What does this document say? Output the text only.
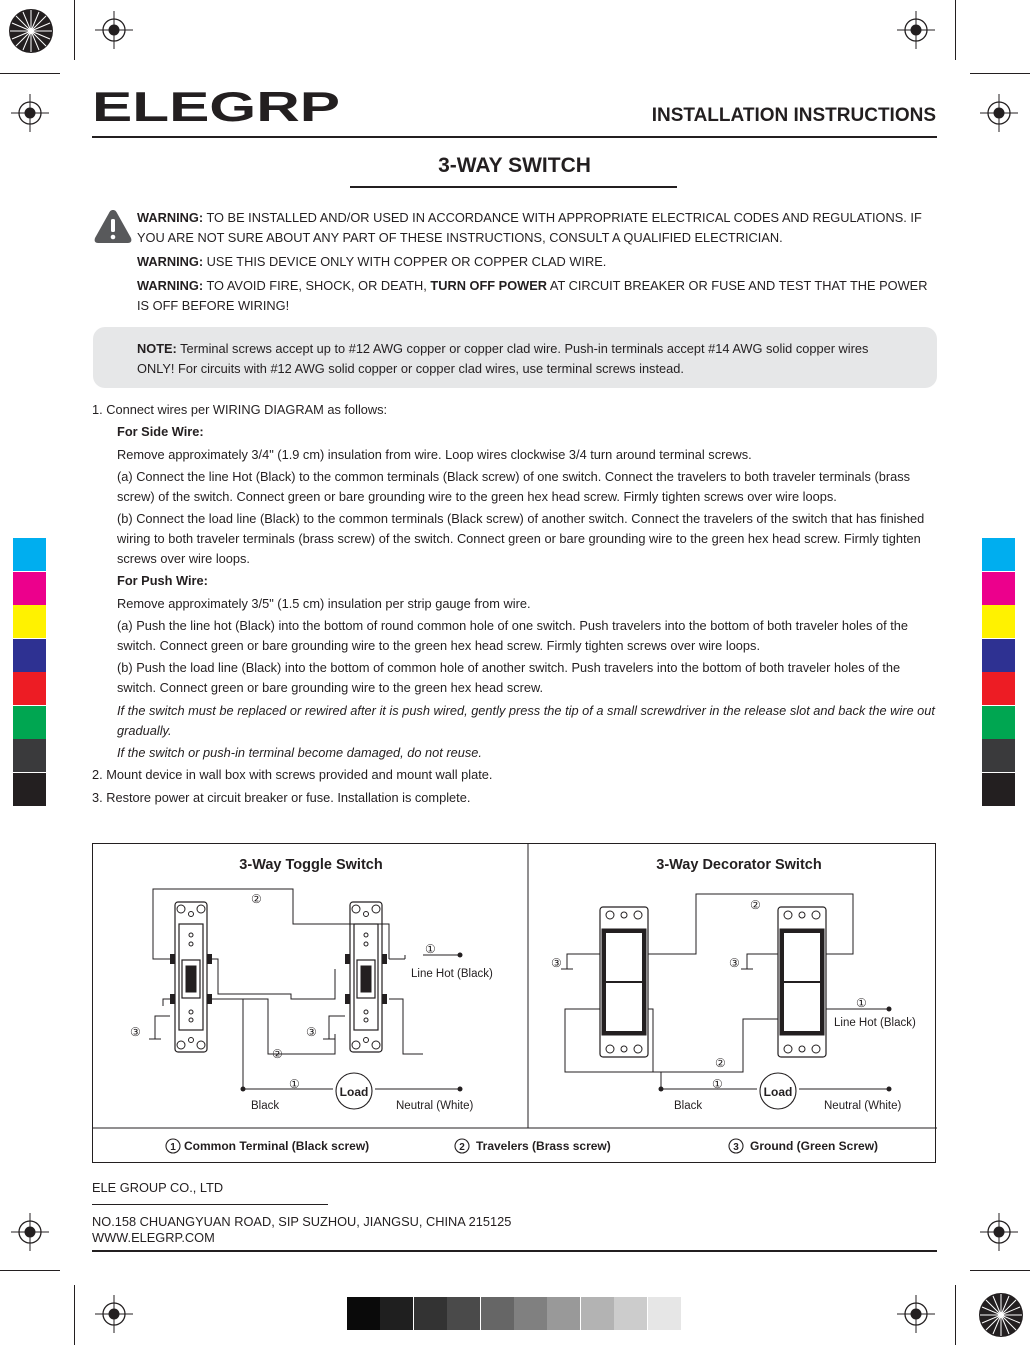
ELEGRP	INSTALLATION INSTRUCTIONS
3-WAY SWITCH

WARNING: TO BE INSTALLED AND/OR USED IN ACCORDANCE WITH APPROPRIATE ELECTRICAL CODES AND REGULATIONS. IF YOU ARE NOT SURE ABOUT ANY PART OF THESE INSTRUCTIONS, CONSULT A QUALIFIED ELECTRICIAN.

WARNING: USE THIS DEVICE ONLY WITH COPPER OR COPPER CLAD WIRE.

WARNING: TO AVOID FIRE, SHOCK, OR DEATH, TURN OFF POWER AT CIRCUIT BREAKER OR FUSE AND TEST THAT THE POWER IS OFF BEFORE WIRING!

NOTE: Terminal screws accept up to #12 AWG copper or copper clad wire. Push-in terminals accept #14 AWG solid copper wires ONLY! For circuits with #12 AWG solid copper or copper clad wires, use terminal screws instead.

1. Connect wires per WIRING DIAGRAM as follows:

For Side Wire:

Remove approximately 3/4" (1.9 cm) insulation from wire. Loop wires clockwise 3/4 turn around terminal screws.

(a) Connect the line Hot (Black) to the common terminals (Black screw) of one switch. Connect the travelers to both traveler terminals (brass screw) of the switch. Connect green or bare grounding wire to the green hex head screw. Firmly tighten screws over wire loops.

(b) Connect the load line (Black) to the common terminals (Black screw) of another switch. Connect the travelers of the switch that has finished wiring to both traveler terminals (brass screw) of the switch. Connect green or bare grounding wire to the green hex head screw. Firmly tighten screws over wire loops.

For Push Wire:

Remove approximately 3/5" (1.5 cm) insulation per strip gauge from wire.

(a) Push the line hot (Black) into the bottom of round common hole of one switch. Push travelers into the bottom of both traveler holes of the switch. Connect green or bare grounding wire to the green hex head screw. Firmly tighten screws over wire loops.

(b) Push the load line (Black) into the bottom of common hole of another switch. Push travelers into the bottom of both traveler holes of the switch. Connect green or bare grounding wire to the green hex head screw.

If the switch must be replaced or rewired after it is push wired, gently press the tip of a small screwdriver in the release slot and back the wire out gradually.

If the switch or push-in terminal become damaged, do not reuse.

2. Mount device in wall box with screws provided and mount wall plate.

3. Restore power at circuit breaker or fuse. Installation is complete.

3-Way Toggle Switch
Load
Line Hot (Black)
Black	Neutral (White)
②
①
③	③
②
①
3-Way Decorator Switch
Load
Line Hot (Black)
Black	Neutral (White)
②
③	③
①
②
①
1 Common Terminal (Black screw)	2 Travelers (Brass screw)	3 Ground (Green Screw)
ELE GROUP CO., LTD
NO.158 CHUANGYUAN ROAD, SIP SUZHOU, JIANGSU, CHINA 215125
WWW.ELEGRP.COM
